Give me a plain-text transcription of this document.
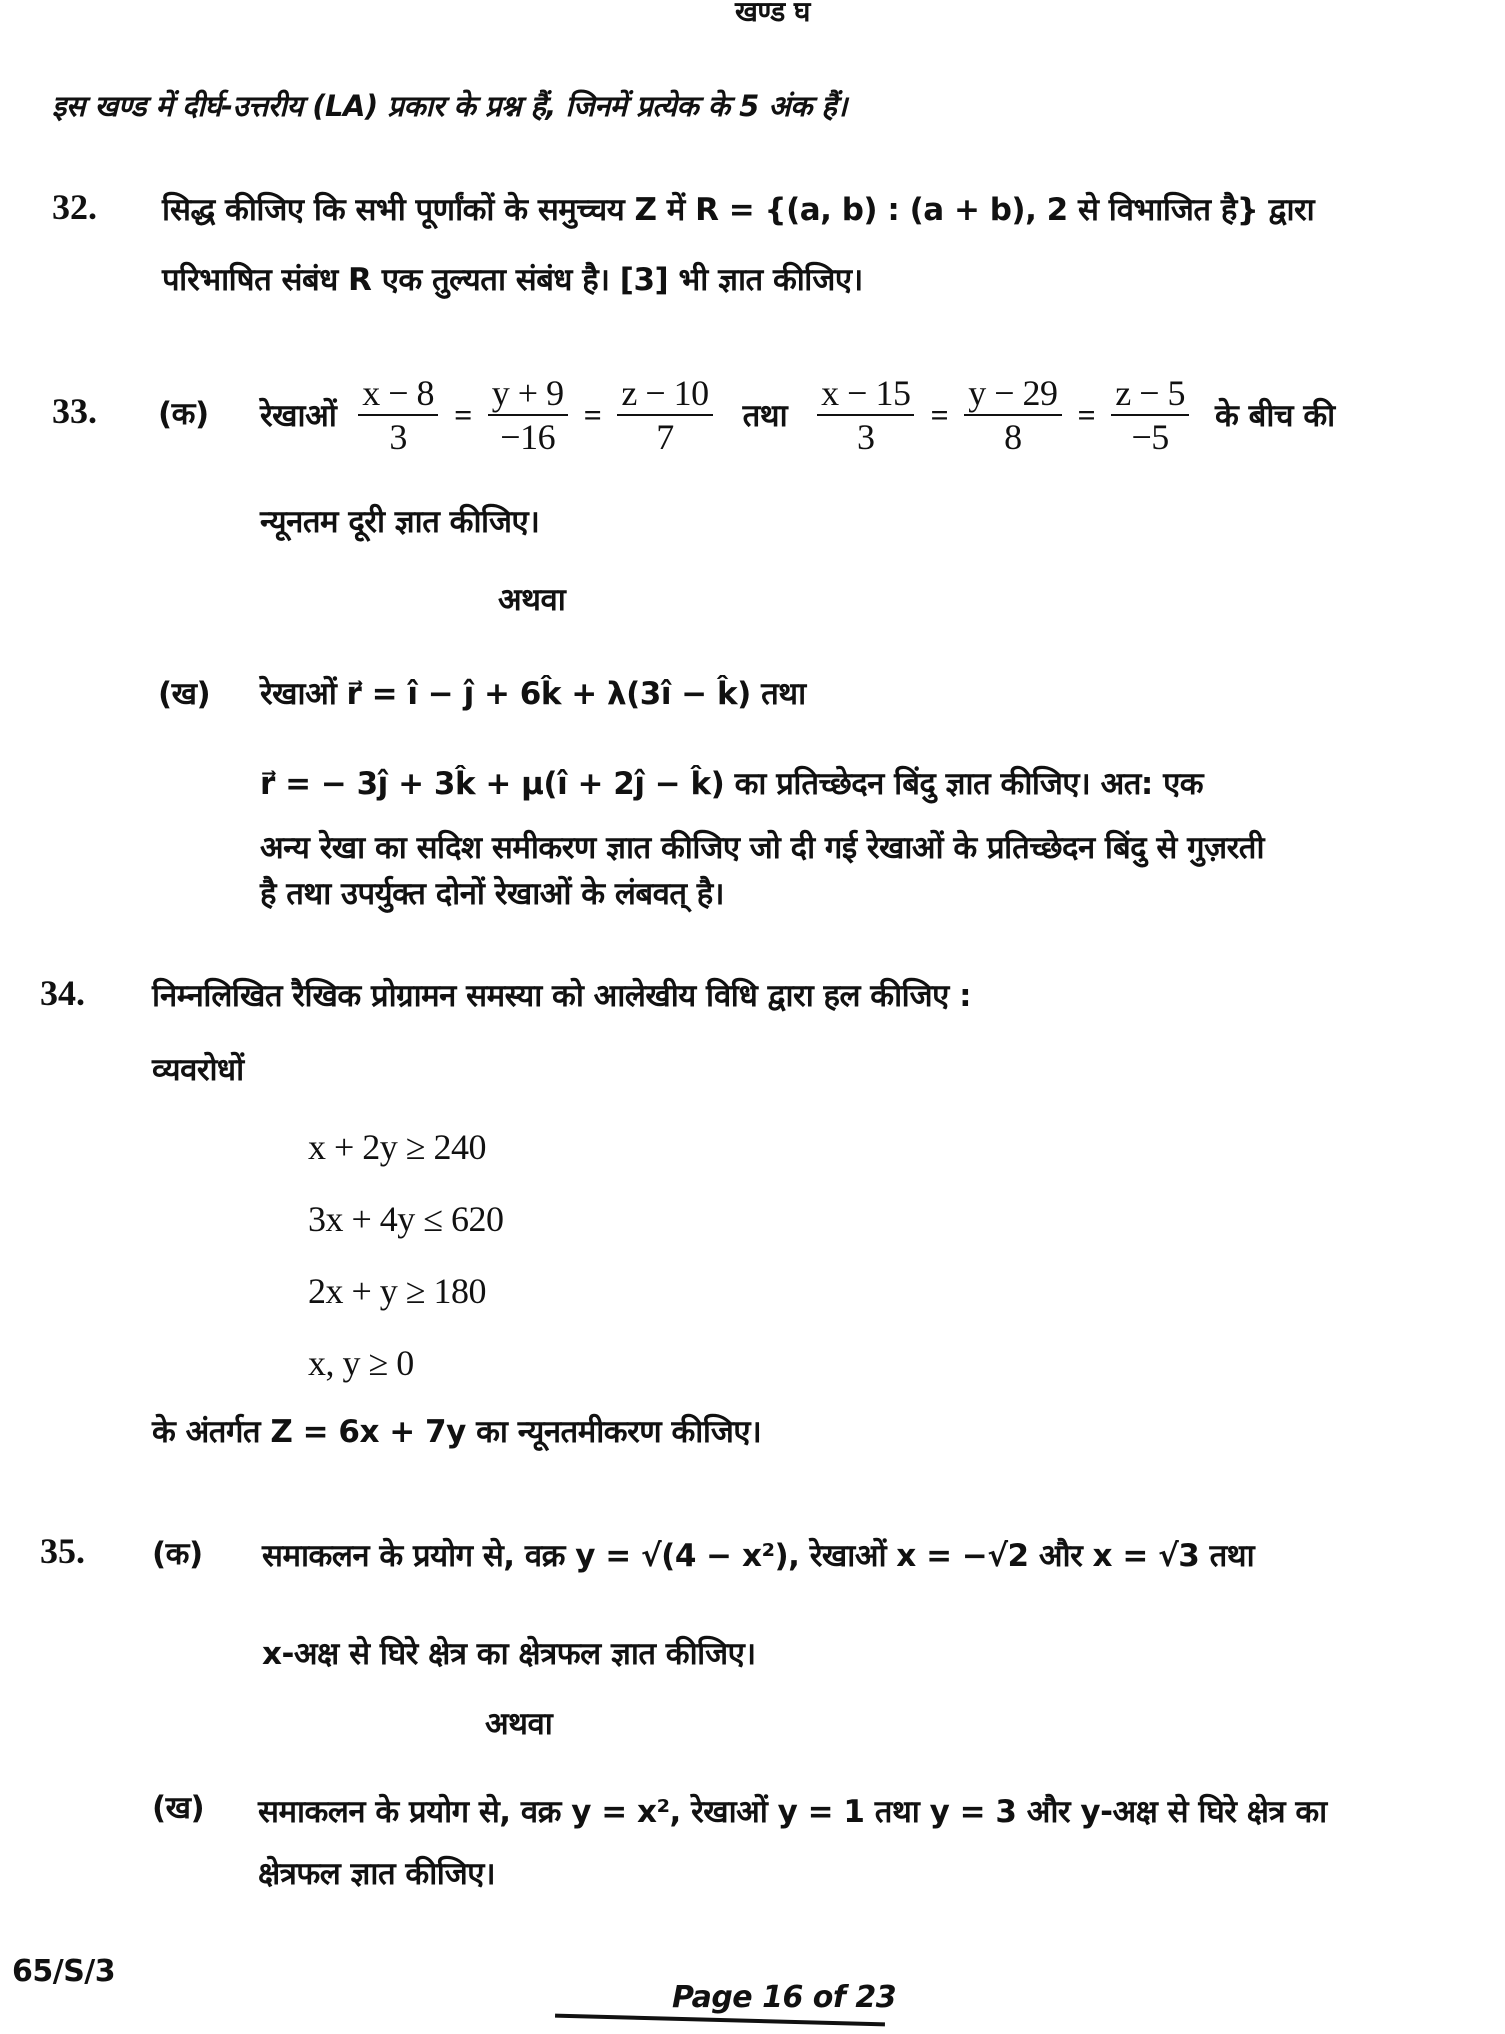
खण्ड घ
इस खण्ड में दीर्घ-उत्तरीय (LA) प्रकार के प्रश्न हैं, जिनमें प्रत्येक के 5 अंक हैं।
32. सिद्ध कीजिए कि सभी पूर्णांकों के समुच्चय Z में R = {(a, b) : (a + b), 2 से विभाजित है} द्वारा
परिभाषित संबंध R एक तुल्यता संबंध है। [3] भी ज्ञात कीजिए।
33. (क) रेखाओं $\frac{x - 8}{3} = \frac{y + 9}{-16} = \frac{z - 10}{7}$ तथा $\frac{x - 15}{3} = \frac{y - 29}{8} = \frac{z - 5}{-5}$ के बीच की
न्यूनतम दूरी ज्ञात कीजिए।
अथवा
(ख) रेखाओं r⃗ = î − ĵ + 6k̂ + λ(3î − k̂) तथा
r⃗ = − 3ĵ + 3k̂ + μ(î + 2ĵ − k̂) का प्रतिच्छेदन बिंदु ज्ञात कीजिए। अत: एक
अन्य रेखा का सदिश समीकरण ज्ञात कीजिए जो दी गई रेखाओं के प्रतिच्छेदन बिंदु से गुज़रती
है तथा उपर्युक्त दोनों रेखाओं के लंबवत् है।
34. निम्नलिखित रैखिक प्रोग्रामन समस्या को आलेखीय विधि द्वारा हल कीजिए :
व्यवरोधों
x + 2y ≥ 240
3x + 4y ≤ 620
2x + y ≥ 180
x, y ≥ 0
के अंतर्गत Z = 6x + 7y का न्यूनतमीकरण कीजिए।
35. (क) समाकलन के प्रयोग से, वक्र y = √(4 − x²), रेखाओं x = −√2 और x = √3 तथा
x-अक्ष से घिरे क्षेत्र का क्षेत्रफल ज्ञात कीजिए।
अथवा
(ख) समाकलन के प्रयोग से, वक्र y = x², रेखाओं y = 1 तथा y = 3 और y-अक्ष से घिरे क्षेत्र का
क्षेत्रफल ज्ञात कीजिए।
65/S/3
Page 16 of 23
